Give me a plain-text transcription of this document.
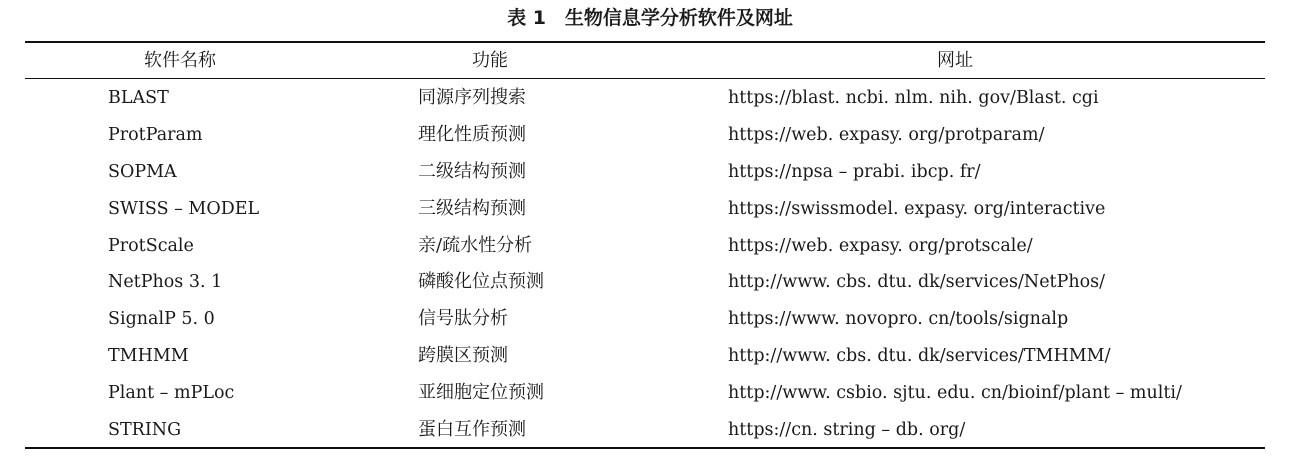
表 1　生物信息学分析软件及网址
软件名称	功能	网址
BLAST	同源序列搜索	https://blast. ncbi. nlm. nih. gov/Blast. cgi
ProtParam	理化性质预测	https://web. expasy. org/protparam/
SOPMA	二级结构预测	https://npsa – prabi. ibcp. fr/
SWISS – MODEL	三级结构预测	https://swissmodel. expasy. org/interactive
ProtScale	亲/疏水性分析	https://web. expasy. org/protscale/
NetPhos 3. 1	磷酸化位点预测	http://www. cbs. dtu. dk/services/NetPhos/
SignalP 5. 0	信号肽分析	https://www. novopro. cn/tools/signalp
TMHMM	跨膜区预测	http://www. cbs. dtu. dk/services/TMHMM/
Plant – mPLoc	亚细胞定位预测	http://www. csbio. sjtu. edu. cn/bioinf/plant – multi/
STRING	蛋白互作预测	https://cn. string – db. org/
